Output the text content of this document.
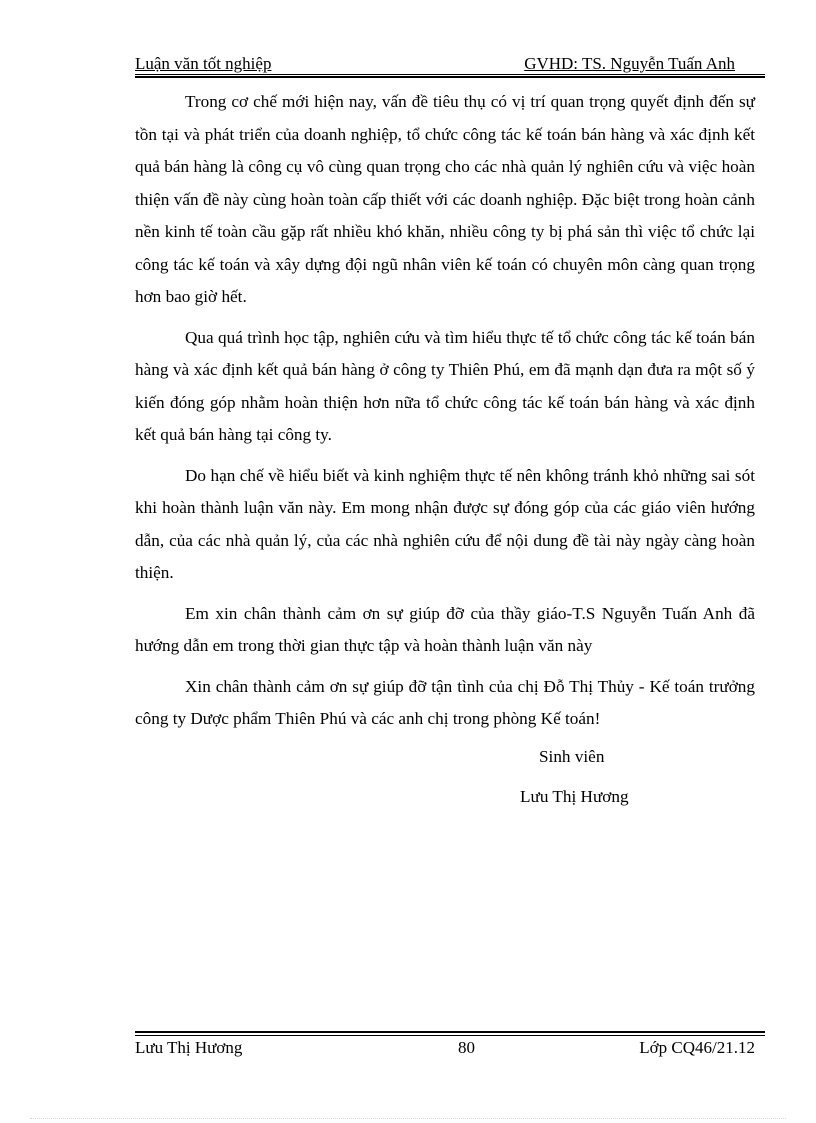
Luận văn tốt nghiệp	GVHD: TS. Nguyễn Tuấn Anh

Trong cơ chế mới hiện nay, vấn đề tiêu thụ có vị trí quan trọng quyết định đến sự tồn tại và phát triển của doanh nghiệp, tổ chức công tác kế toán bán hàng và xác định kết quả bán hàng là công cụ vô cùng quan trọng cho các nhà quản lý nghiên cứu và việc hoàn thiện vấn đề này cùng hoàn toàn cấp thiết với các doanh nghiệp. Đặc biệt trong hoàn cảnh nền kinh tế toàn cầu gặp rất nhiều khó khăn, nhiều công ty bị phá sản thì việc tổ chức lại công tác kế toán và xây dựng đội ngũ nhân viên kế toán có chuyên môn càng quan trọng hơn bao giờ hết.

Qua quá trình học tập, nghiên cứu và tìm hiểu thực tế tổ chức công tác kế toán bán hàng và xác định kết quả bán hàng ở công ty Thiên Phú, em đã mạnh dạn đưa ra một số ý kiến đóng góp nhằm hoàn thiện hơn nữa tổ chức công tác kế toán bán hàng và xác định kết quả bán hàng tại công ty.

Do hạn chế về hiểu biết và kinh nghiệm thực tế nên không tránh khỏ những sai sót khi hoàn thành luận văn này. Em mong nhận được sự đóng góp của các giáo viên hướng dẫn, của các nhà quản lý, của các nhà nghiên cứu để nội dung đề tài này ngày càng hoàn thiện.

Em xin chân thành cảm ơn sự giúp đỡ của thầy giáo-T.S Nguyễn Tuấn Anh đã hướng dẫn em trong thời gian thực tập và hoàn thành luận văn này

Xin chân thành cảm ơn sự giúp đỡ tận tình của chị Đỗ Thị Thủy - Kế toán trưởng công ty Dược phẩm Thiên Phú và các anh chị trong phòng Kế toán!

Sinh viên
Lưu Thị Hương
Lưu Thị Hương	80	Lớp CQ46/21.12
